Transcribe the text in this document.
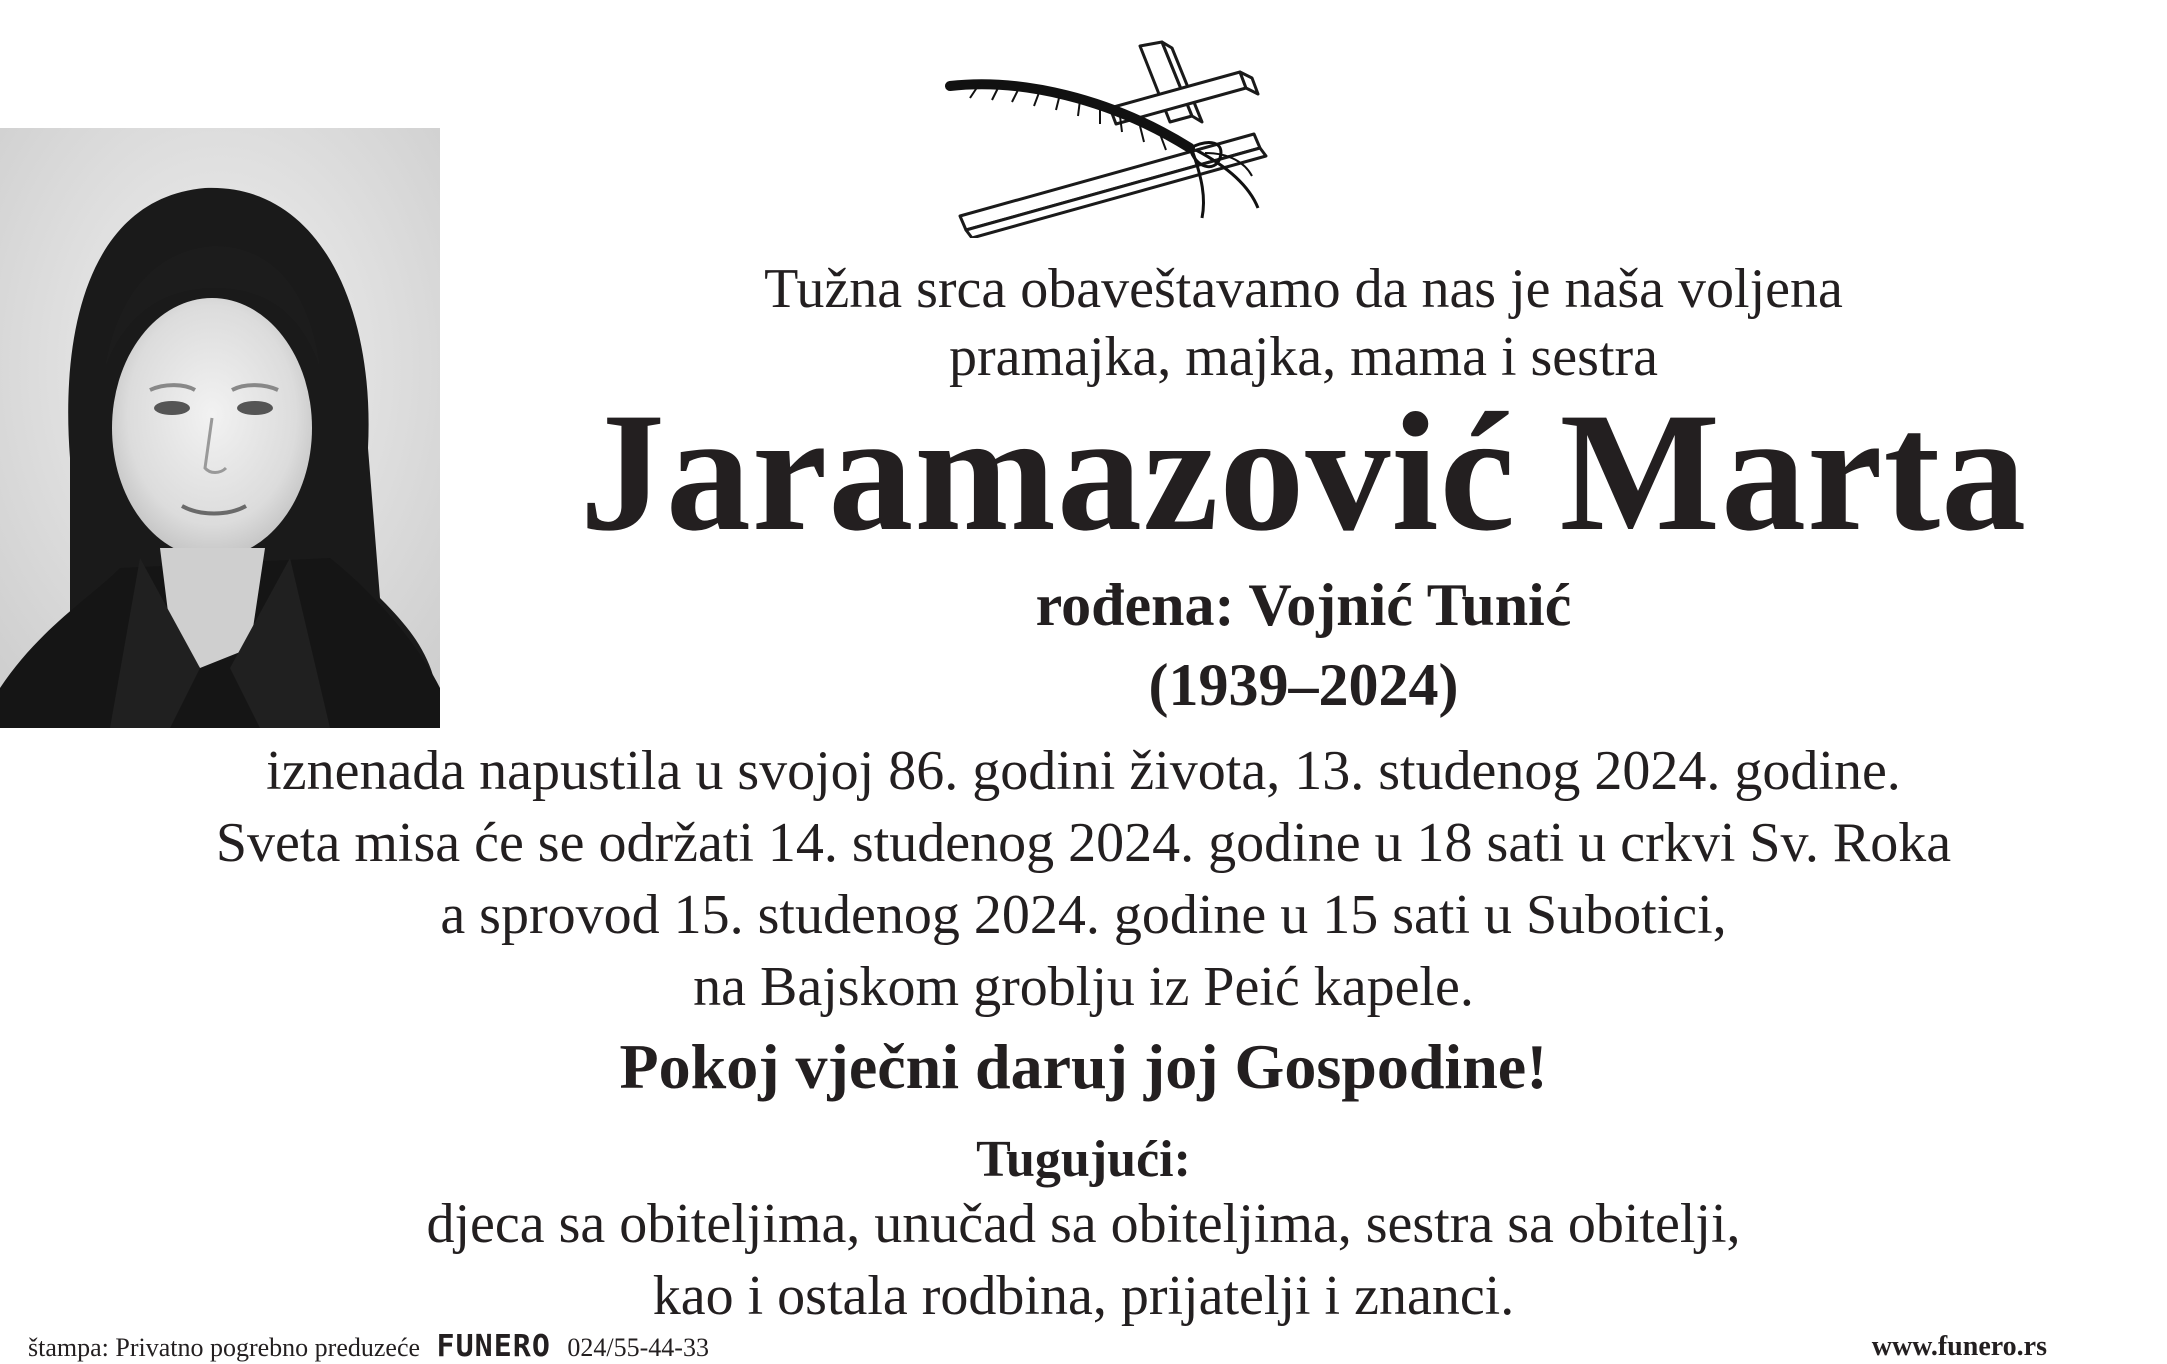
Tužna srca obaveštavamo da nas je naša voljena
pramajka, majka, mama i sestra
Jaramazović Marta
rođena: Vojnić Tunić
(1939–2024)
iznenada napustila u svojoj 86. godini života, 13. studenog 2024. godine.
Sveta misa će se održati 14. studenog 2024. godine u 18 sati u crkvi Sv. Roka
a sprovod 15. studenog 2024. godine u 15 sati u Subotici,
na Bajskom groblju iz Peić kapele.
Pokoj vječni daruj joj Gospodine!
Tugujući:
djeca sa obiteljima, unučad sa obiteljima, sestra sa obitelji,
kao i ostala rodbina, prijatelji i znanci.
štampa: Privatno pogrebno preduzeće FUNERO 024/55-44-33	www.funero.rs
